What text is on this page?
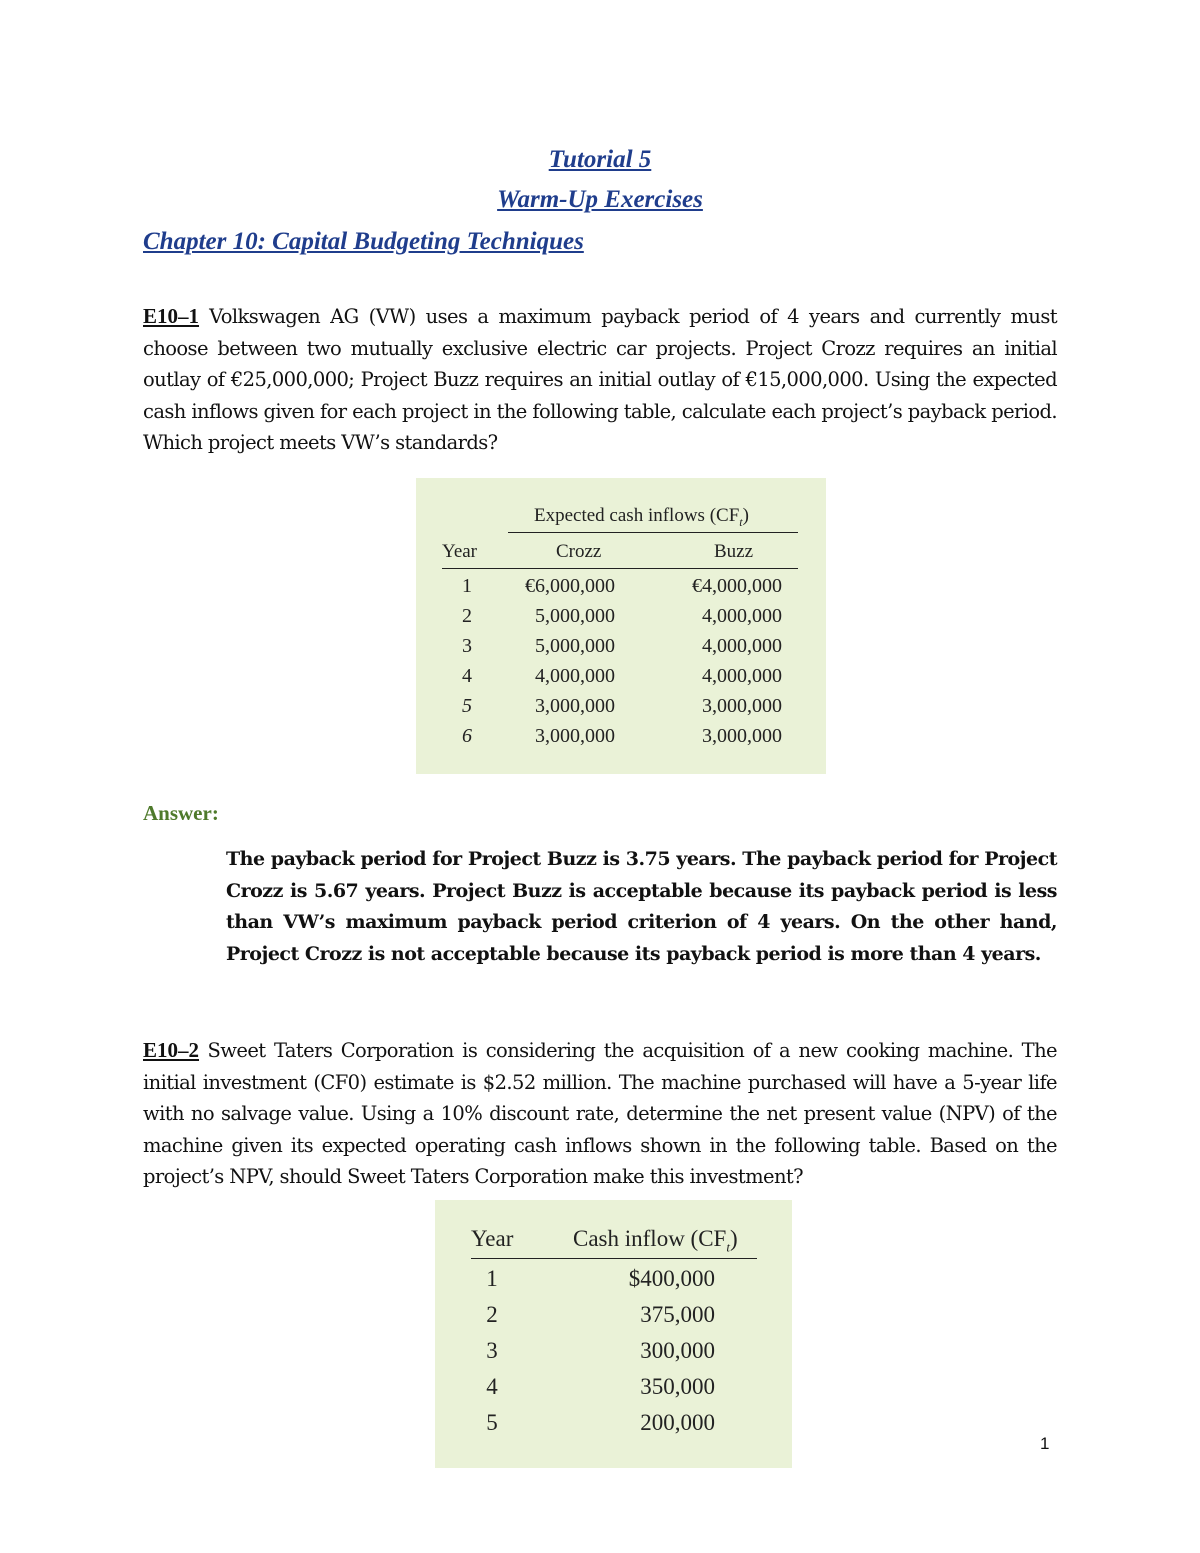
Tutorial 5
Warm-Up Exercises
Chapter 10: Capital Budgeting Techniques

E10–1 Volkswagen AG (VW) uses a maximum payback period of 4 years and currently must choose between two mutually exclusive electric car projects. Project Crozz requires an initial outlay of €25,000,000; Project Buzz requires an initial outlay of €15,000,000. Using the expected cash inflows given for each project in the following table, calculate each project’s payback period. Which project meets VW’s standards?

Expected cash inflows $(CF_t)$
Year	Crozz	Buzz
1	€6,000,000	€4,000,000
2	5,000,000	4,000,000
3	5,000,000	4,000,000
4	4,000,000	4,000,000
5	3,000,000	3,000,000
6	3,000,000	3,000,000

Answer:

The payback period for Project Buzz is 3.75 years. The payback period for Project Crozz is 5.67 years. Project Buzz is acceptable because its payback period is less than VW’s maximum payback period criterion of 4 years. On the other hand, Project Crozz is not acceptable because its payback period is more than 4 years.

E10–2 Sweet Taters Corporation is considering the acquisition of a new cooking machine. The initial investment (CF0) estimate is $2.52 million. The machine purchased will have a 5-year life with no salvage value. Using a 10% discount rate, determine the net present value (NPV) of the machine given its expected operating cash inflows shown in the following table. Based on the project’s NPV, should Sweet Taters Corporation make this investment?

Year	Cash inflow $(CF_t)$
1	$400,000
2	375,000
3	300,000
4	350,000
5	200,000
1
